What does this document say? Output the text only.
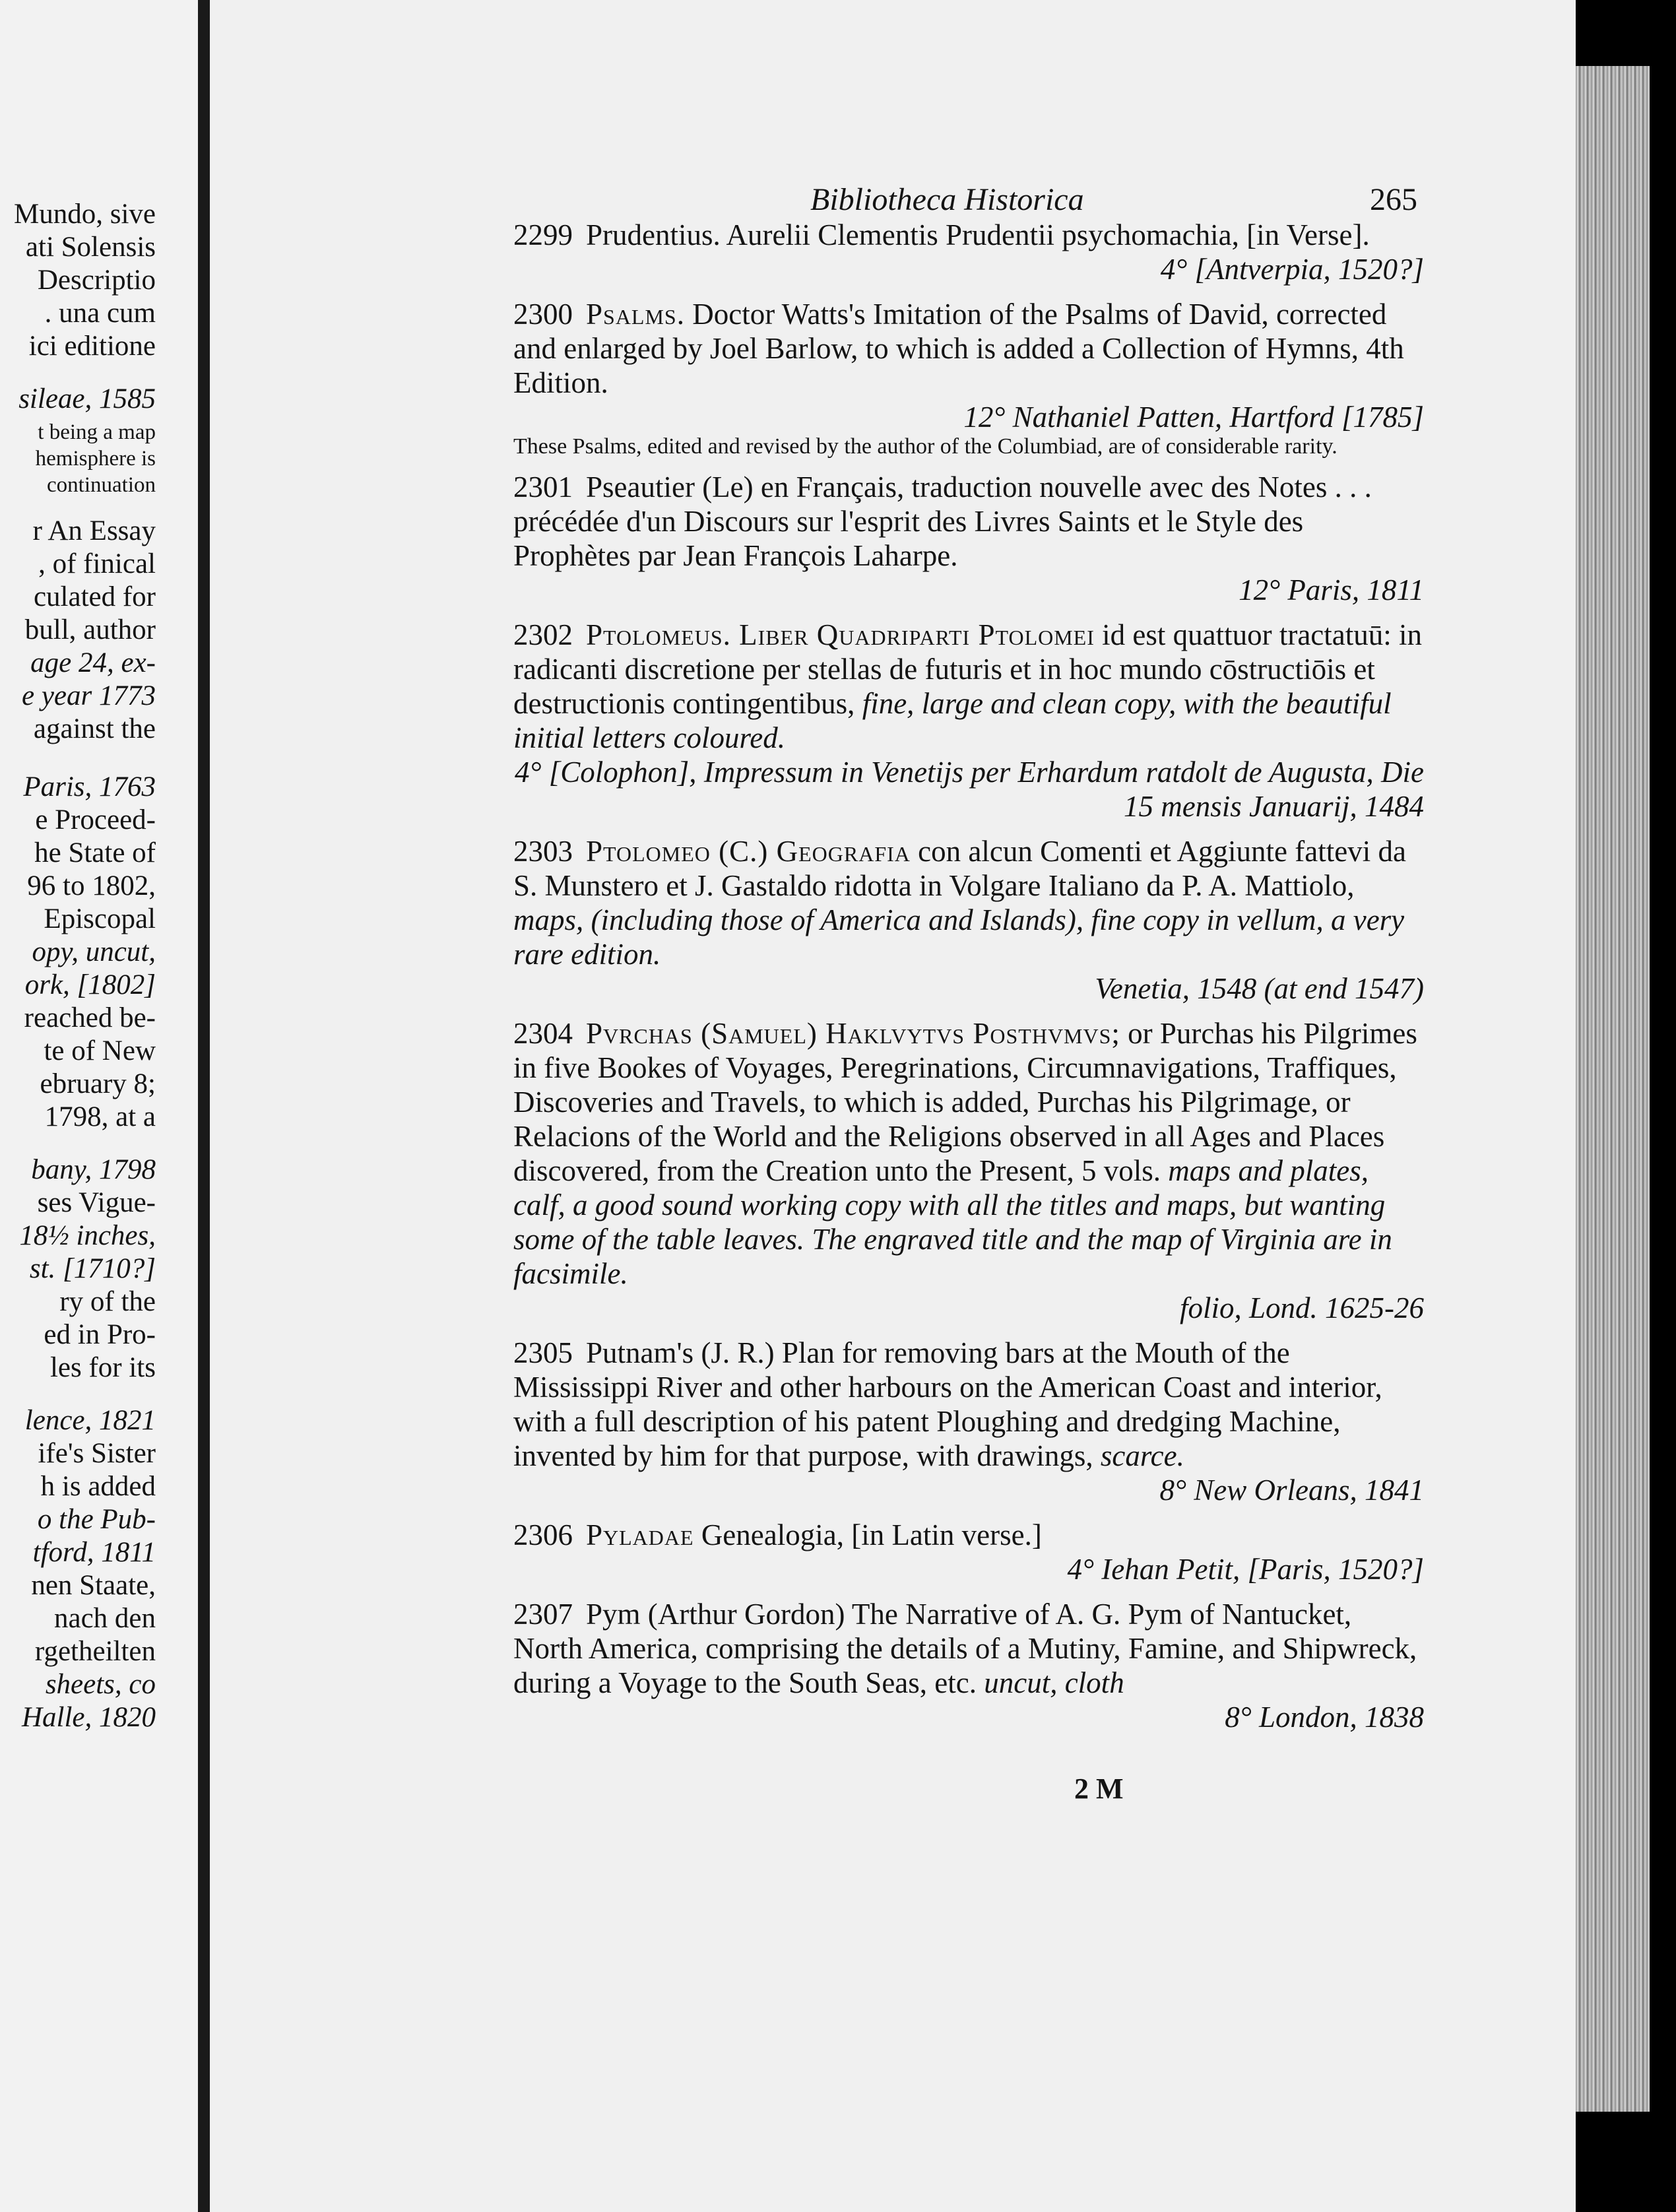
Mundo, sive
ati Solensis
Descriptio
. una cum
ici editione
sileae, 1585
t being a map
hemisphere is
continuation
r An Essay
, of finical
culated for
bull, author
age 24, ex-
e year 1773
against the
Paris, 1763
e Proceed-
he State of
96 to 1802,
Episcopal
opy, uncut,
ork, [1802]
reached be-
te of New
ebruary 8;
1798, at a
bany, 1798
ses Vigue-
18½ inches,
st. [1710?]
ry of the
ed in Pro-
les for its
lence, 1821
ife's Sister
h is added
o the Pub-
tford, 1811
nen Staate,
nach den
rgetheilten
sheets, co
Halle, 1820
Bibliotheca Historica	265

2299 Prudentius. Aurelii Clementis Prudentii psychomachia, [in Verse].

4° [Antverpia, 1520?]

2300 Psalms. Doctor Watts's Imitation of the Psalms of David, corrected and enlarged by Joel Barlow, to which is added a Collection of Hymns, 4th Edition.

12° Nathaniel Patten, Hartford [1785]

These Psalms, edited and revised by the author of the Columbiad, are of considerable rarity.

2301 Pseautier (Le) en Français, traduction nouvelle avec des Notes . . . précédée d'un Discours sur l'esprit des Livres Saints et le Style des Prophètes par Jean François Laharpe.

12° Paris, 1811

2302 Ptolomeus. Liber Quadriparti Ptolomei id est quattuor tractatuū: in radicanti discretione per stellas de futuris et in hoc mundo cōstructiōis et destructionis contingentibus, fine, large and clean copy, with the beautiful initial letters coloured.

4° [Colophon], Impressum in Venetijs per Erhardum ratdolt de Augusta, Die 15 mensis Januarij, 1484

2303 Ptolomeo (C.) Geografia con alcun Comenti et Aggiunte fattevi da S. Munstero et J. Gastaldo ridotta in Volgare Italiano da P. A. Mattiolo, maps, (including those of America and Islands), fine copy in vellum, a very rare edition.

Venetia, 1548 (at end 1547)

2304 Pvrchas (Samuel) Haklvytvs Posthvmvs; or Purchas his Pilgrimes in five Bookes of Voyages, Peregrinations, Circumnavigations, Traffiques, Discoveries and Travels, to which is added, Purchas his Pilgrimage, or Relacions of the World and the Religions observed in all Ages and Places discovered, from the Creation unto the Present, 5 vols. maps and plates, calf, a good sound working copy with all the titles and maps, but wanting some of the table leaves. The engraved title and the map of Virginia are in facsimile.

folio, Lond. 1625-26

2305 Putnam's (J. R.) Plan for removing bars at the Mouth of the Mississippi River and other harbours on the American Coast and interior, with a full description of his patent Ploughing and dredging Machine, invented by him for that purpose, with drawings, scarce.

8° New Orleans, 1841

2306 Pyladae Genealogia, [in Latin verse.]

4° Iehan Petit, [Paris, 1520?]

2307 Pym (Arthur Gordon) The Narrative of A. G. Pym of Nantucket, North America, comprising the details of a Mutiny, Famine, and Shipwreck, during a Voyage to the South Seas, etc. uncut, cloth

8° London, 1838

2 M
